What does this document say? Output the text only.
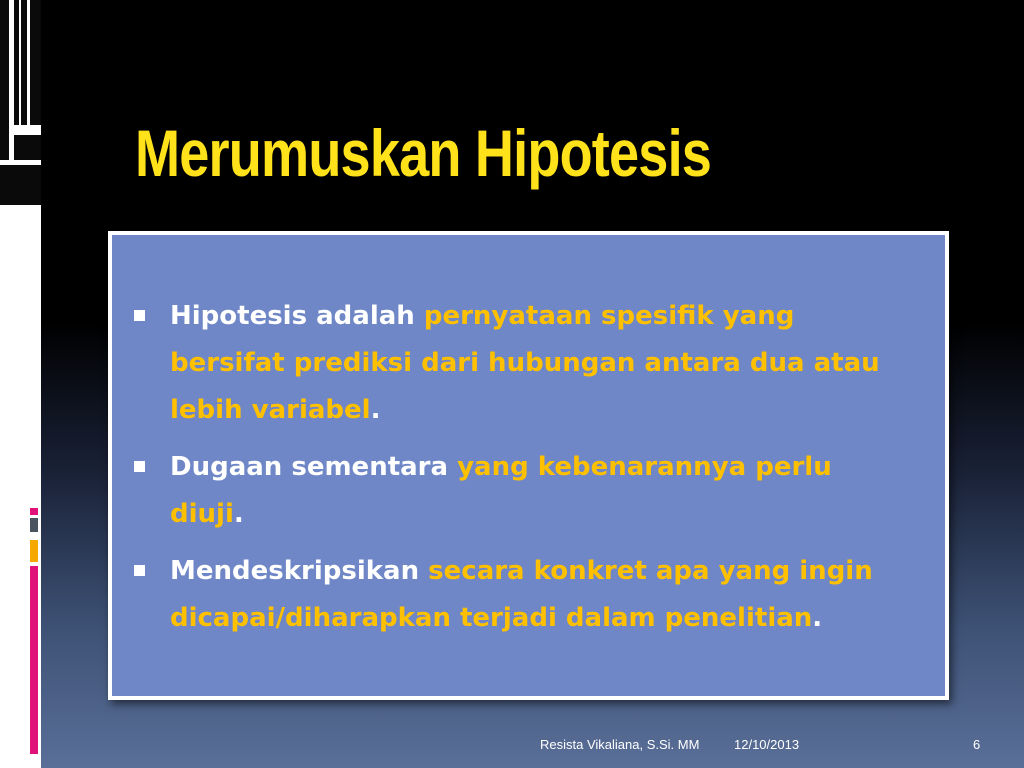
Merumuskan Hipotesis
Hipotesis adalah pernyataan spesifik yang bersifat prediksi dari hubungan antara dua atau lebih variabel.
Dugaan sementara yang kebenarannya perlu diuji.
Mendeskripsikan secara konkret apa yang ingin dicapai/diharapkan terjadi dalam penelitian.
Resista Vikaliana, S.Si. MM	12/10/2013	6
